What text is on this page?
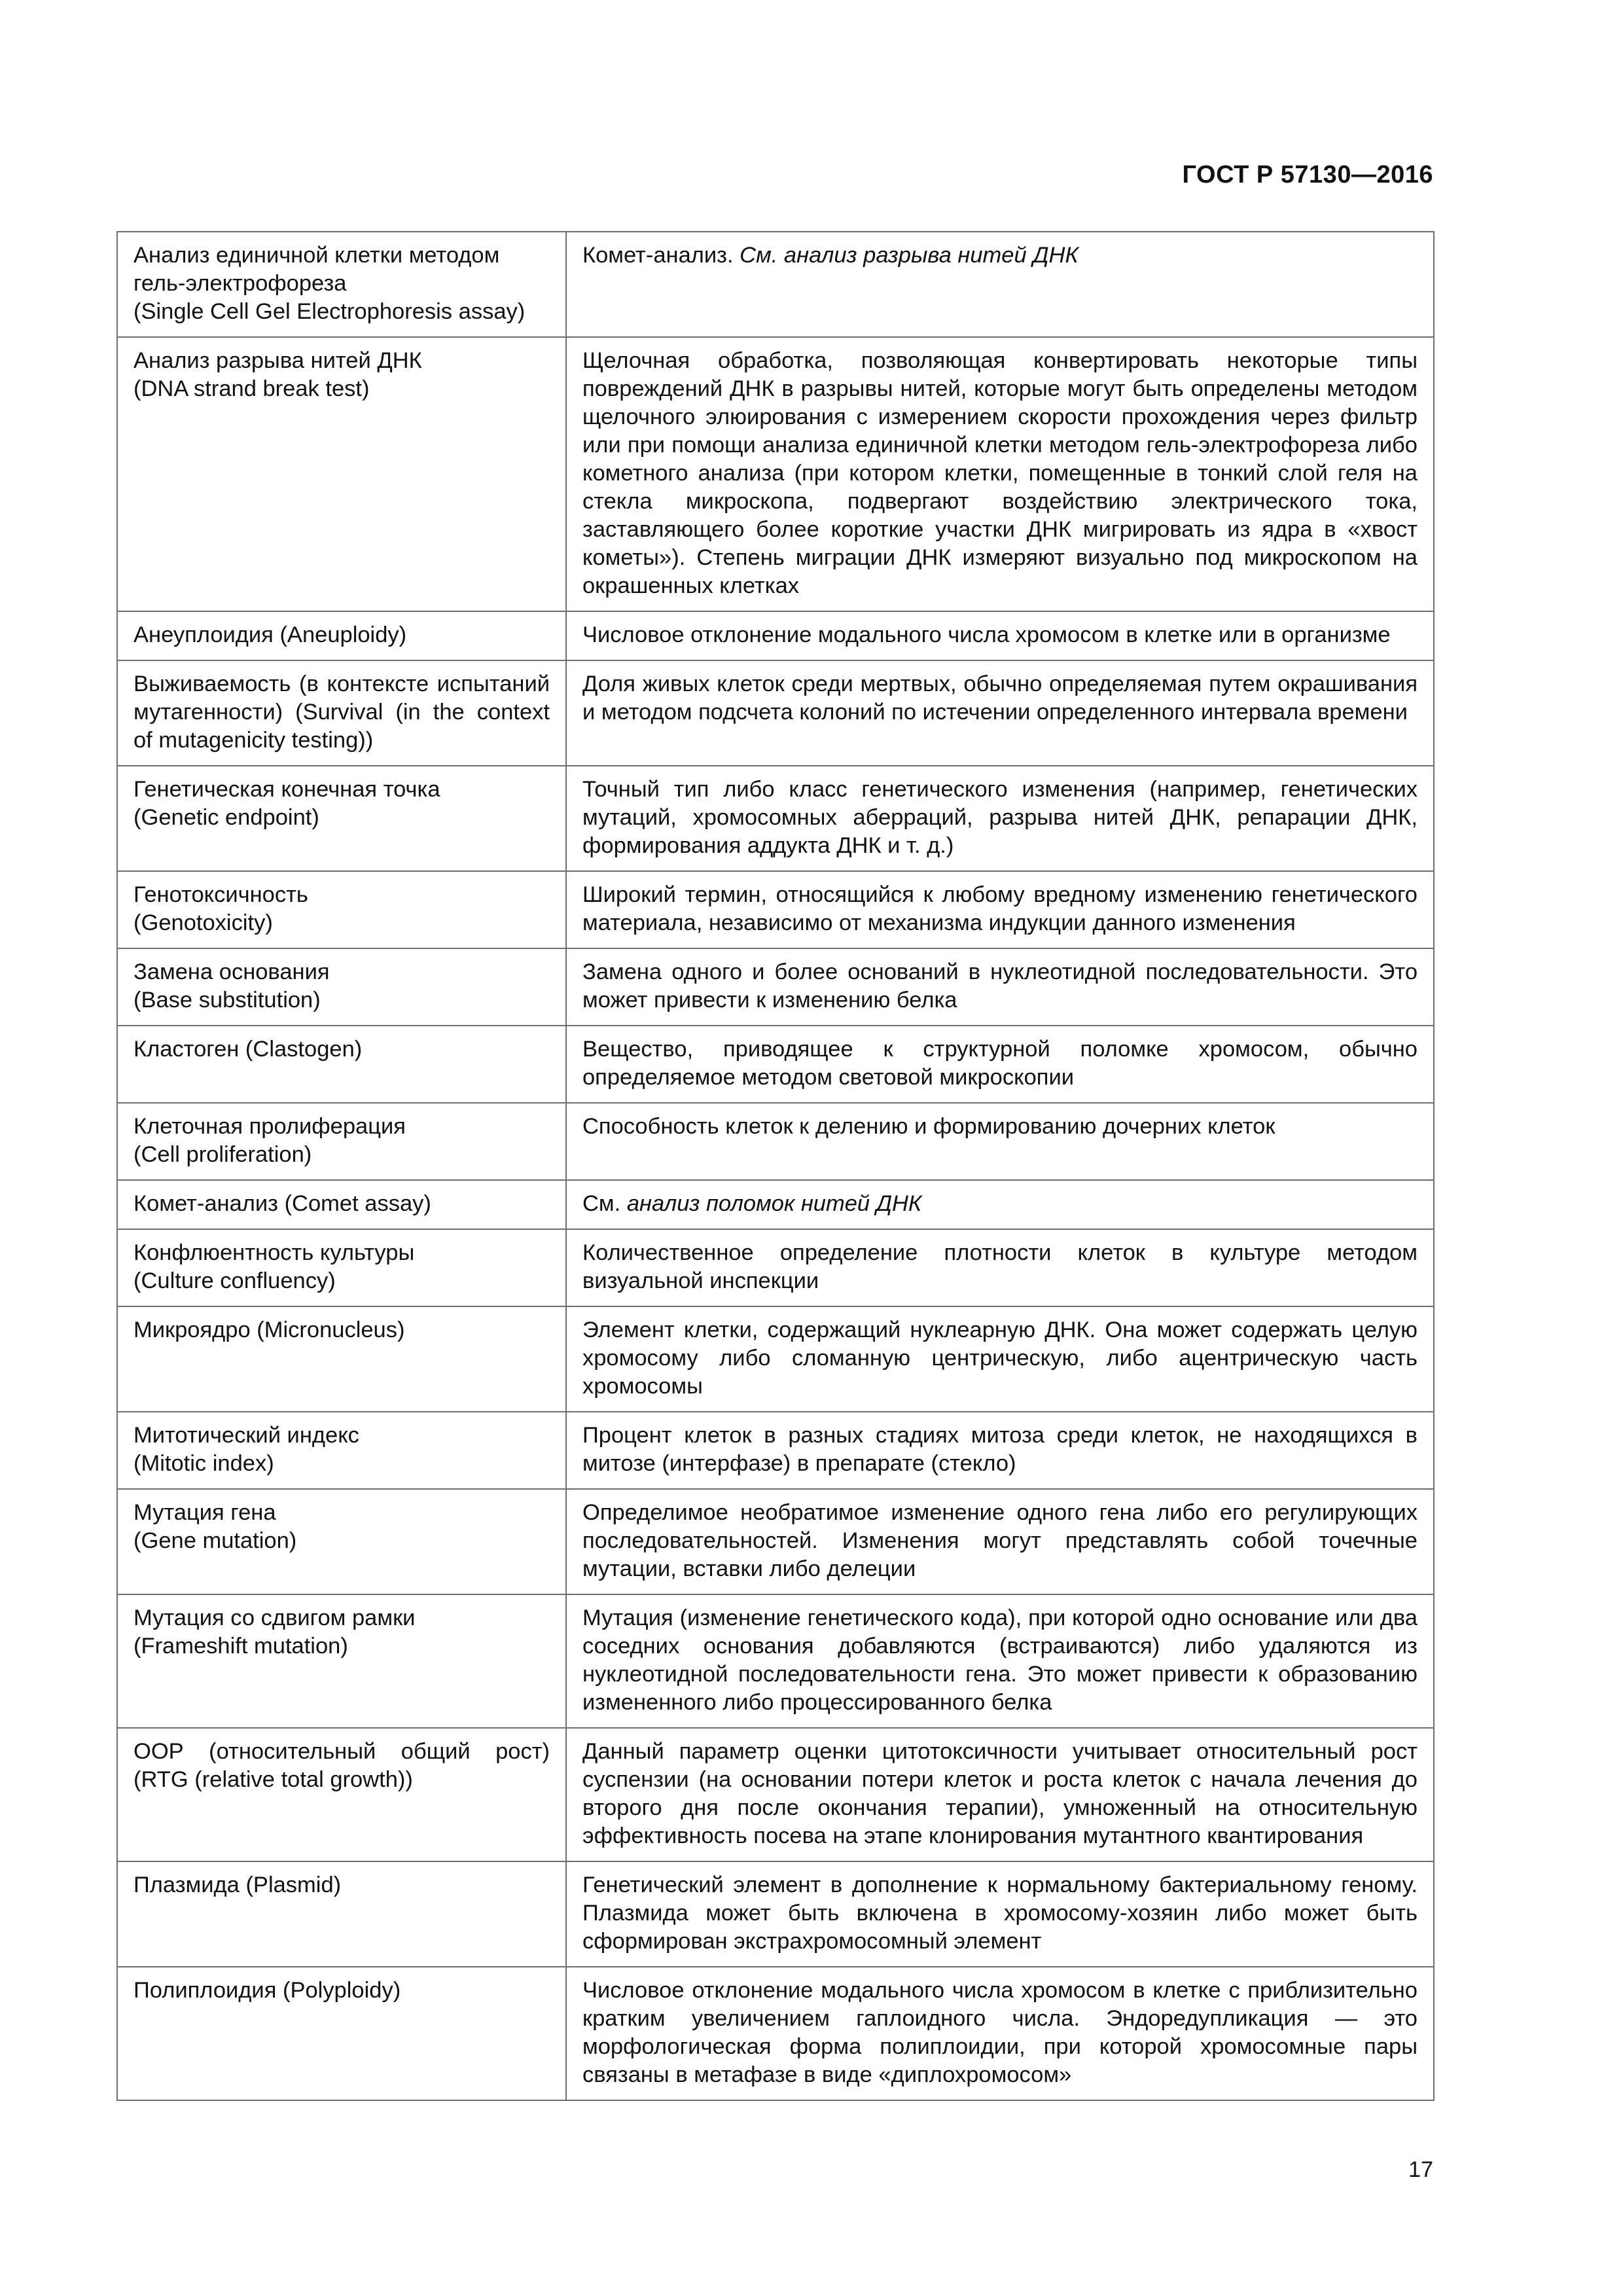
ГОСТ Р 57130—2016
Анализ единичной клетки методом
гель-электрофореза
(Single Cell Gel Electrophoresis assay)	Комет-анализ. См. анализ разрыва нитей ДНК
Анализ разрыва нитей ДНК
(DNA strand break test)	Щелочная обработка, позволяющая конвертировать некоторые типы повреждений ДНК в разрывы нитей, которые могут быть определены методом щелочного элюирования с измерением скорости прохождения через фильтр или при помощи анализа единичной клетки методом гель-электрофореза либо кометного анализа (при котором клетки, помещенные в тонкий слой геля на стекла микроскопа, подвергают воздействию электрического тока, заставляющего более короткие участки ДНК мигрировать из ядра в «хвост кометы»). Степень миграции ДНК измеряют визуально под микроскопом на окрашенных клетках
Анеуплоидия (Aneuploidy)	Числовое отклонение модального числа хромосом в клетке или в организме
Выживаемость (в контексте испытаний мутагенности) (Survival (in the context of mutagenicity testing))	Доля живых клеток среди мертвых, обычно определяемая путем окрашивания и методом подсчета колоний по истечении определенного интервала времени
Генетическая конечная точка
(Genetic endpoint)	Точный тип либо класс генетического изменения (например, генетических мутаций, хромосомных аберраций, разрыва нитей ДНК, репарации ДНК, формирования аддукта ДНК и т. д.)
Генотоксичность
(Genotoxicity)	Широкий термин, относящийся к любому вредному изменению генетического материала, независимо от механизма индукции данного изменения
Замена основания
(Base substitution)	Замена одного и более оснований в нуклеотидной последовательности. Это может привести к изменению белка
Кластоген (Clastogen)	Вещество, приводящее к структурной поломке хромосом, обычно определяемое методом световой микроскопии
Клеточная пролиферация
(Cell proliferation)	Способность клеток к делению и формированию дочерних клеток
Комет-анализ (Comet assay)	См. анализ поломок нитей ДНК
Конфлюентность культуры
(Culture confluency)	Количественное определение плотности клеток в культуре методом визуальной инспекции
Микроядро (Micronucleus)	Элемент клетки, содержащий нуклеарную ДНК. Она может содержать целую хромосому либо сломанную центрическую, либо ацентрическую часть хромосомы
Митотический индекс
(Mitotic index)	Процент клеток в разных стадиях митоза среди клеток, не находящихся в митозе (интерфазе) в препарате (стекло)
Мутация гена
(Gene mutation)	Определимое необратимое изменение одного гена либо его регулирующих последовательностей. Изменения могут представлять собой точечные мутации, вставки либо делеции
Мутация со сдвигом рамки
(Frameshift mutation)	Мутация (изменение генетического кода), при которой одно основание или два соседних основания добавляются (встраиваются) либо удаляются из нуклеотидной последовательности гена. Это может привести к образованию измененного либо процессированного белка
ООР (относительный общий рост) (RTG (relative total growth))	Данный параметр оценки цитотоксичности учитывает относительный рост суспензии (на основании потери клеток и роста клеток с начала лечения до второго дня после окончания терапии), умноженный на относительную эффективность посева на этапе клонирования мутантного квантирования
Плазмида (Plasmid)	Генетический элемент в дополнение к нормальному бактериальному геному. Плазмида может быть включена в хромосому-хозяин либо может быть сформирован экстрахромосомный элемент
Полиплоидия (Polyploidy)	Числовое отклонение модального числа хромосом в клетке с приблизительно кратким увеличением гаплоидного числа. Эндоредупликация — это морфологическая форма полиплоидии, при которой хромосомные пары связаны в метафазе в виде «диплохромосом»
17
